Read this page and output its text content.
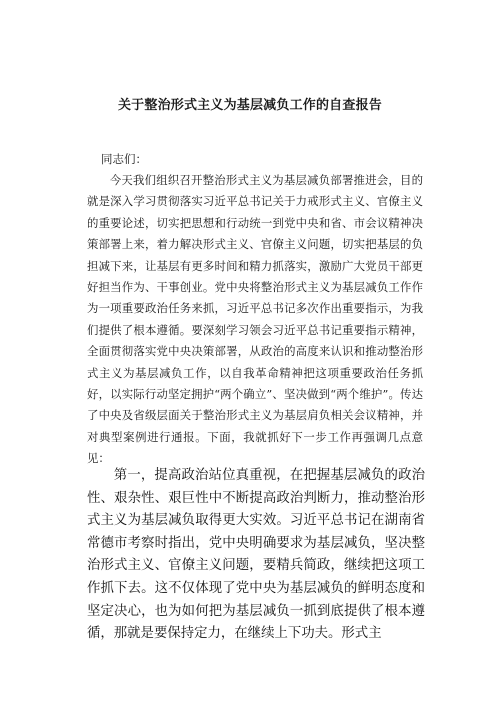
关于整治形式主义为基层减负工作的自查报告

同志们：

今天我们组织召开整治形式主义为基层减负部署推进会，目的就是深入学习贯彻落实习近平总书记关于力戒形式主义、官僚主义的重要论述，切实把思想和行动统一到党中央和省、市会议精神决策部署上来，着力解决形式主义、官僚主义问题，切实把基层的负担减下来，让基层有更多时间和精力抓落实，激励广大党员干部更好担当作为、干事创业。党中央将整治形式主义为基层减负工作作为一项重要政治任务来抓，习近平总书记多次作出重要指示，为我们提供了根本遵循。要深刻学习领会习近平总书记重要指示精神，全面贯彻落实党中央决策部署，从政治的高度来认识和推动整治形式主义为基层减负工作，以自我革命精神把这项重要政治任务抓好，以实际行动坚定拥护“两个确立”、坚决做到“两个维护”。传达了中央及省级层面关于整治形式主义为基层肩负相关会议精神，并对典型案例进行通报。下面，我就抓好下一步工作再强调几点意见：

第一，提高政治站位真重视，在把握基层减负的政治性、艰杂性、艰巨性中不断提高政治判断力，推动整治形式主义为基层减负取得更大实效。习近平总书记在湖南省常德市考察时指出，党中央明确要求为基层减负，坚决整治形式主义、官僚主义问题，要精兵简政，继续把这项工作抓下去。这不仅体现了党中央为基层减负的鲜明态度和坚定决心，也为如何把为基层减负一抓到底提供了根本遵循，那就是要保持定力，在继续上下功夫。形式主
